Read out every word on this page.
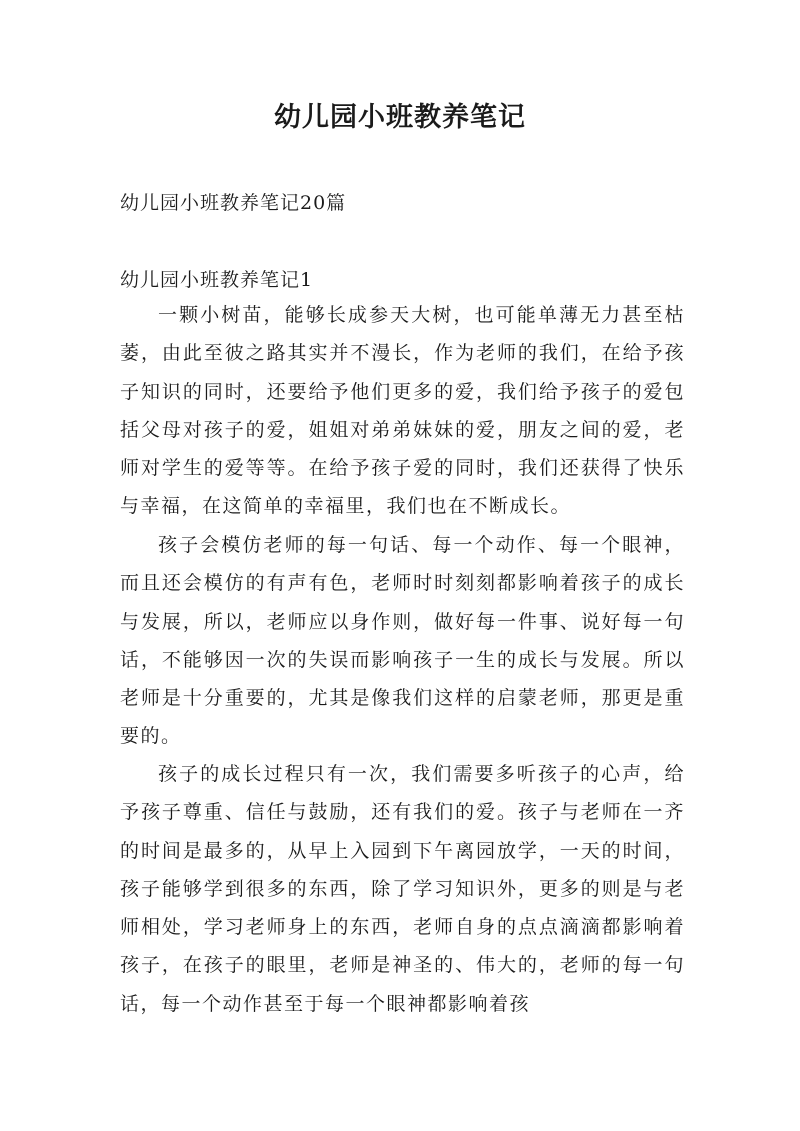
幼儿园小班教养笔记

幼儿园小班教养笔记20篇

幼儿园小班教养笔记1

一颗小树苗，能够长成参天大树，也可能单薄无力甚至枯萎，由此至彼之路其实并不漫长，作为老师的我们，在给予孩子知识的同时，还要给予他们更多的爱，我们给予孩子的爱包括父母对孩子的爱，姐姐对弟弟妹妹的爱，朋友之间的爱，老师对学生的爱等等。在给予孩子爱的同时，我们还获得了快乐与幸福，在这简单的幸福里，我们也在不断成长。

孩子会模仿老师的每一句话、每一个动作、每一个眼神，而且还会模仿的有声有色，老师时时刻刻都影响着孩子的成长与发展，所以，老师应以身作则，做好每一件事、说好每一句话，不能够因一次的失误而影响孩子一生的成长与发展。所以老师是十分重要的，尤其是像我们这样的启蒙老师，那更是重要的。

孩子的成长过程只有一次，我们需要多听孩子的心声，给予孩子尊重、信任与鼓励，还有我们的爱。孩子与老师在一齐的时间是最多的，从早上入园到下午离园放学，一天的时间，孩子能够学到很多的东西，除了学习知识外，更多的则是与老师相处，学习老师身上的东西，老师自身的点点滴滴都影响着孩子，在孩子的眼里，老师是神圣的、伟大的，老师的每一句话，每一个动作甚至于每一个眼神都影响着孩
